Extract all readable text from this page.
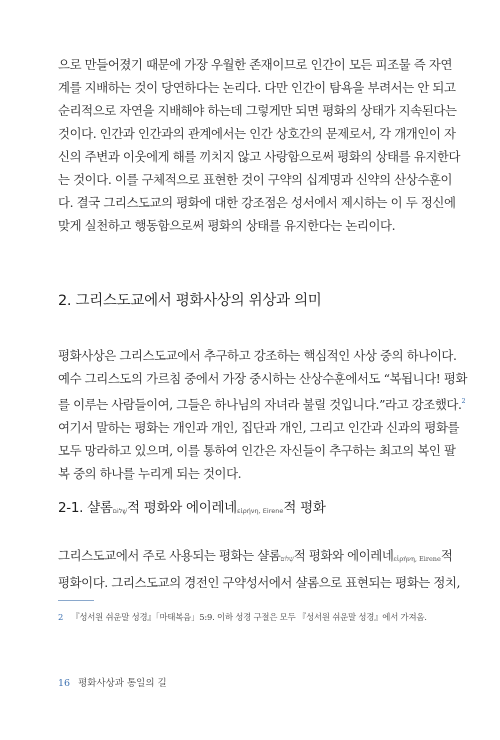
으로 만들어졌기 때문에 가장 우월한 존재이므로 인간이 모든 피조물 즉 자연
계를 지배하는 것이 당연하다는 논리다. 다만 인간이 탐욕을 부려서는 안 되고
순리적으로 자연을 지배해야 하는데 그렇게만 되면 평화의 상태가 지속된다는
것이다. 인간과 인간과의 관계에서는 인간 상호간의 문제로서, 각 개개인이 자
신의 주변과 이웃에게 해를 끼치지 않고 사랑함으로써 평화의 상태를 유지한다
는 것이다. 이를 구체적으로 표현한 것이 구약의 십계명과 신약의 산상수훈이
다. 결국 그리스도교의 평화에 대한 강조점은 성서에서 제시하는 이 두 정신에
맞게 실천하고 행동함으로써 평화의 상태를 유지한다는 논리이다.
2. 그리스도교에서 평화사상의 위상과 의미
평화사상은 그리스도교에서 추구하고 강조하는 핵심적인 사상 중의 하나이다.
예수 그리스도의 가르침 중에서 가장 중시하는 산상수훈에서도 “복됩니다! 평화
를 이루는 사람들이여, 그들은 하나님의 자녀라 불릴 것입니다.”라고 강조했다.$^2$
여기서 말하는 평화는 개인과 개인, 집단과 개인, 그리고 인간과 신과의 평화를
모두 망라하고 있으며, 이를 통하여 인간은 자신들이 추구하는 최고의 복인 팔
복 중의 하나를 누리게 되는 것이다.
2-1. 샬롬שָׁלוֹם적 평화와 에이레네εἰρήνη, Eirene적 평화
그리스도교에서 주로 사용되는 평화는 샬롬שָׁלוֹם적 평화와 에이레네εἰρήνη, Eirene적
평화이다. 그리스도교의 경전인 구약성서에서 샬롬으로 표현되는 평화는 정치,
2 『성서원 쉬운말 성경』「마태복음」5:9. 이하 성경 구절은 모두 『성서원 쉬운말 성경』에서 가져옴.
16 평화사상과 통일의 길
